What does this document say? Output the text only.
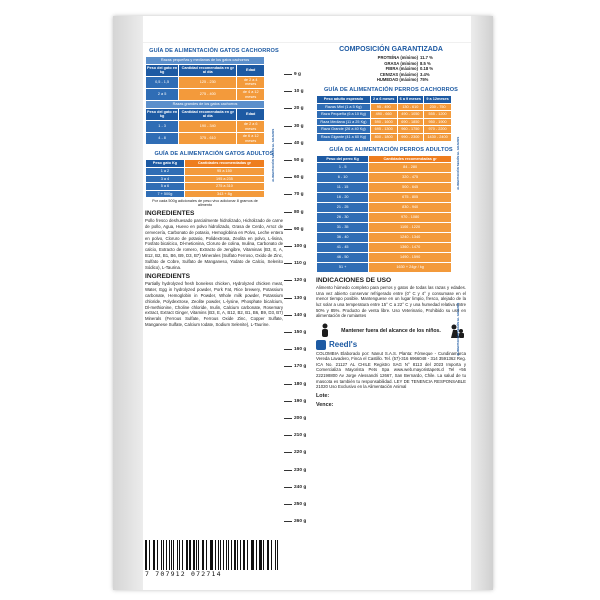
GUÍA DE ALIMENTACIÓN GATOS CACHORROS
Razas pequeñas y medianas de los gatos cachorros		
Peso del gato en kg	Cantidad recomendada en gr al día	Edad
0,5 - 1,5	125 - 230	de 2 a 4 meses
2 a 5	275 - 400	de 4 a 12 meses
Razas grandes de los gatos cachorros		
Peso del gato en kg	Cantidad recomendada en gr al día	Edad
1 - 3	190 - 340	de 2 a 6 meses
4 - 8	375 - 610	de 6 a 12 meses	ALIMENTACIÓN SEGÚN EL GRAMOS
GUÍA DE ALIMENTACIÓN GATOS ADULTOS
Peso gato Kg	Cantidades recomendadas gr
1 a 2	95 a 150
3 a 4	195 a 235
5 a 6	275 a 310
7 + 500g	343 + 8g
Por cada 500g adicionales de peso vivo adicionar 8 gramos de alimento
INGREDIENTES
Pollo fresco deshuesado parcialmente hidrolizado, Hidrolizado de carne de pollo, Agua, Huevo en polvo hidrolizado, Grasa de Cerdo, Arroz de cervecería, Carbonato de potasio, Hemoglobina en Polvo, Leche entera en polvo, Cloruro de potasio, Polidextrosa, Zeolita en polvo, L-lisina, Fosfato bicalcico, Dl-metionina, Cloruro de colina, Inulina, Carbonato de calcio, Extracto de romero, Extracto de Jengibre, Vitaminas (B3, E, A, B12, B2, B1, B6, B9, D3, B7) Minerales (Sulfato Ferroso, Oxido de Zinc, Sulfato de Cobre, Sulfato de Manganeso, Yodato de Calcio, Selenito Sódico), L-Taurina.
INGREDIENTS
Partially hydrolyzed fresh boneless chicken, Hydrolyzed chicken meat, Water, Egg in hydrolyzed powder, Pork Fat, Rice brewery, Potassium carbonate, Hemoglobin in Powder, Whole milk powder, Potassium chloride, Polydextrose, Zeolite powder, L-lysine, Phosphate bicalcium, Dl-methionine, Choline chloride, Inulin, Calcium carbonate, Rosemary extract, Extract Ginger, Vitamins (B3, E, A, B12, B2, B1, B6, B9, D3, B7) Minerals (Ferrous Sulfate, Ferrous Oxide Zinc, Copper Sulfate, Manganese Sulfate, Calcium Iodate, Sodium Selenite), L-Taurine.
7 707912 072714
9 g
10 g
20 g
30 g
40 g
50 g
60 g
70 g
80 g
90 g
100 g
110 g
120 g
130 g
140 g
150 g
160 g
170 g
180 g
190 g
200 g
210 g
220 g
230 g
240 g
250 g
260 g
COMPOSICIÓN GARANTIZADA
PROTEÍNA (mínimo) 11.7 %
GRASA (mínimo) 8.5 %
FIBRA (máximo) 0.18 %
CENIZAS (máximo) 3.4%
HUMEDAD (máximo) 75%
GUÍA DE ALIMENTACIÓN PERROS CACHORROS
Peso adulto esperado	2 a 6 meses	6 a 9 meses	9 a 12meses
Razas Mini (1 a 5 Kg)	95 - 490	130 - 610	230 - 750
Raza Pequeña (6 a 10 Kg)	490 - 660	490 - 1050	555 - 1200
Raza Mediana (11 a 25 Kg)	590 - 1600	690 - 1850	950 - 1900
Raza Grande (26 a 40 Kg)	695 - 1300	960 - 1750	970 - 2200
Raza Gigante (41 a 60 Kg)	800 - 1800	990 - 2300	1430 - 2400	ALIMENTACIÓN SEGÚN EL GRAMOS
GUÍA DE ALIMENTACIÓN PERROS ADULTOS
Peso del perro Kg	Cantidades recomendadas gr
1 - 5	84 - 280
6 - 10	320 - 475
11 - 15	500 - 645
16 - 20	675 - 805
21 - 25	830 - 940
26 - 30	970 - 1080
31 - 35	1100 - 1220
36 - 40	1240 - 1340
41 - 45	1360 - 1470
46 - 50	1490 - 1590
51 +	1630 + 24gr / kg
ALIMENTACIÓN SEGÚN EL GRAMOS
INDICACIONES DE USO
Alimento húmedo completo para perros y gatos de todas las razas y edades. Una vez abierto conservar refrigerado entre (0° C y 4° y consumase en el menor tiempo posible. Mantenguese en un lugar limpio, fresco, alejado de la luz solar a una temperatura entre 15° C a 22° C y una humedad relativa entre 50% y 85%. Producto de venta libre. Uso Veterinario, Prohibido su uso en alimentación de rumiantes
Mantener fuera del alcance de los niños.
Reedl's
COLOMBIA Elaborado por: Nanut S.A.S. Planta: Fómeque - Cundinamarca Vereda Lavadero, Finca el Castillo. Tel. (57)-316 6966048 - 314 3591362 Reg. ICA No. 21127 AL CHILE Registro SAG N° 8113 del 2023 Importa y Comercializa Mayorista Pets Spa www.web.mayoristapets.cl Tel +56 222198800 Av Jorge Alessandri 12667, San Bernardo, Chile. La salud de tu mascota es también tu responsabilidad. LEY DE TENENCIA RESPONSABLE 21020 Uso Exclusivo en la Alimentación Animal
Lote:
Vence:
